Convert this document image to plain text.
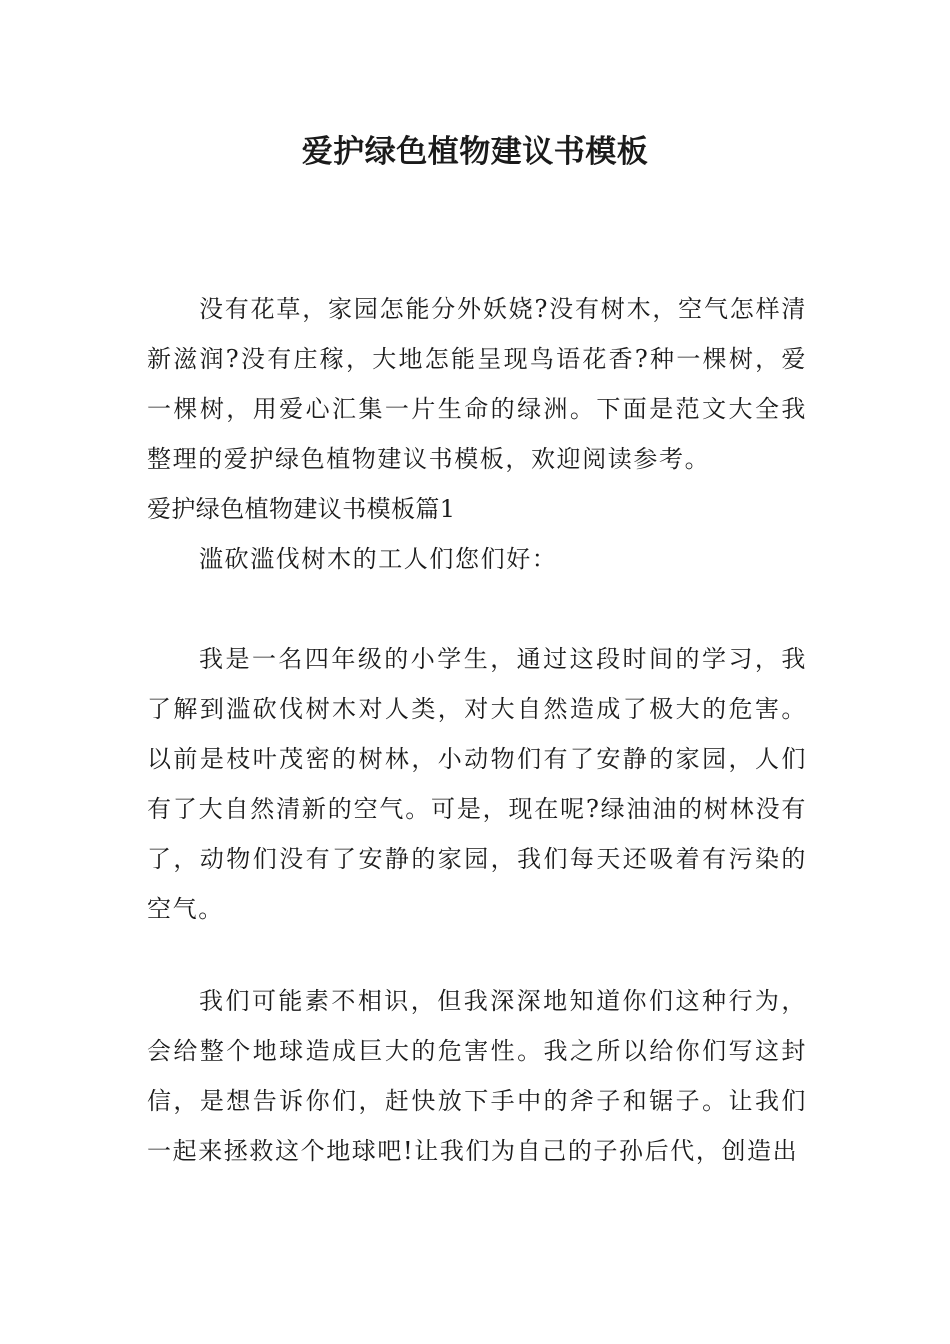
爱护绿色植物建议书模板

没有花草，家园怎能分外妖娆?没有树木，空气怎样清新滋润?没有庄稼，大地怎能呈现鸟语花香?种一棵树，爱一棵树，用爱心汇集一片生命的绿洲。下面是范文大全我整理的爱护绿色植物建议书模板，欢迎阅读参考。

爱护绿色植物建议书模板篇1

滥砍滥伐树木的工人们您们好：

我是一名四年级的小学生，通过这段时间的学习，我了解到滥砍伐树木对人类，对大自然造成了极大的危害。以前是枝叶茂密的树林，小动物们有了安静的家园，人们有了大自然清新的空气。可是，现在呢?绿油油的树林没有了，动物们没有了安静的家园，我们每天还吸着有污染的空气。

我们可能素不相识，但我深深地知道你们这种行为，会给整个地球造成巨大的危害性。我之所以给你们写这封信，是想告诉你们，赶快放下手中的斧子和锯子。让我们一起来拯救这个地球吧!让我们为自己的子孙后代，创造出
